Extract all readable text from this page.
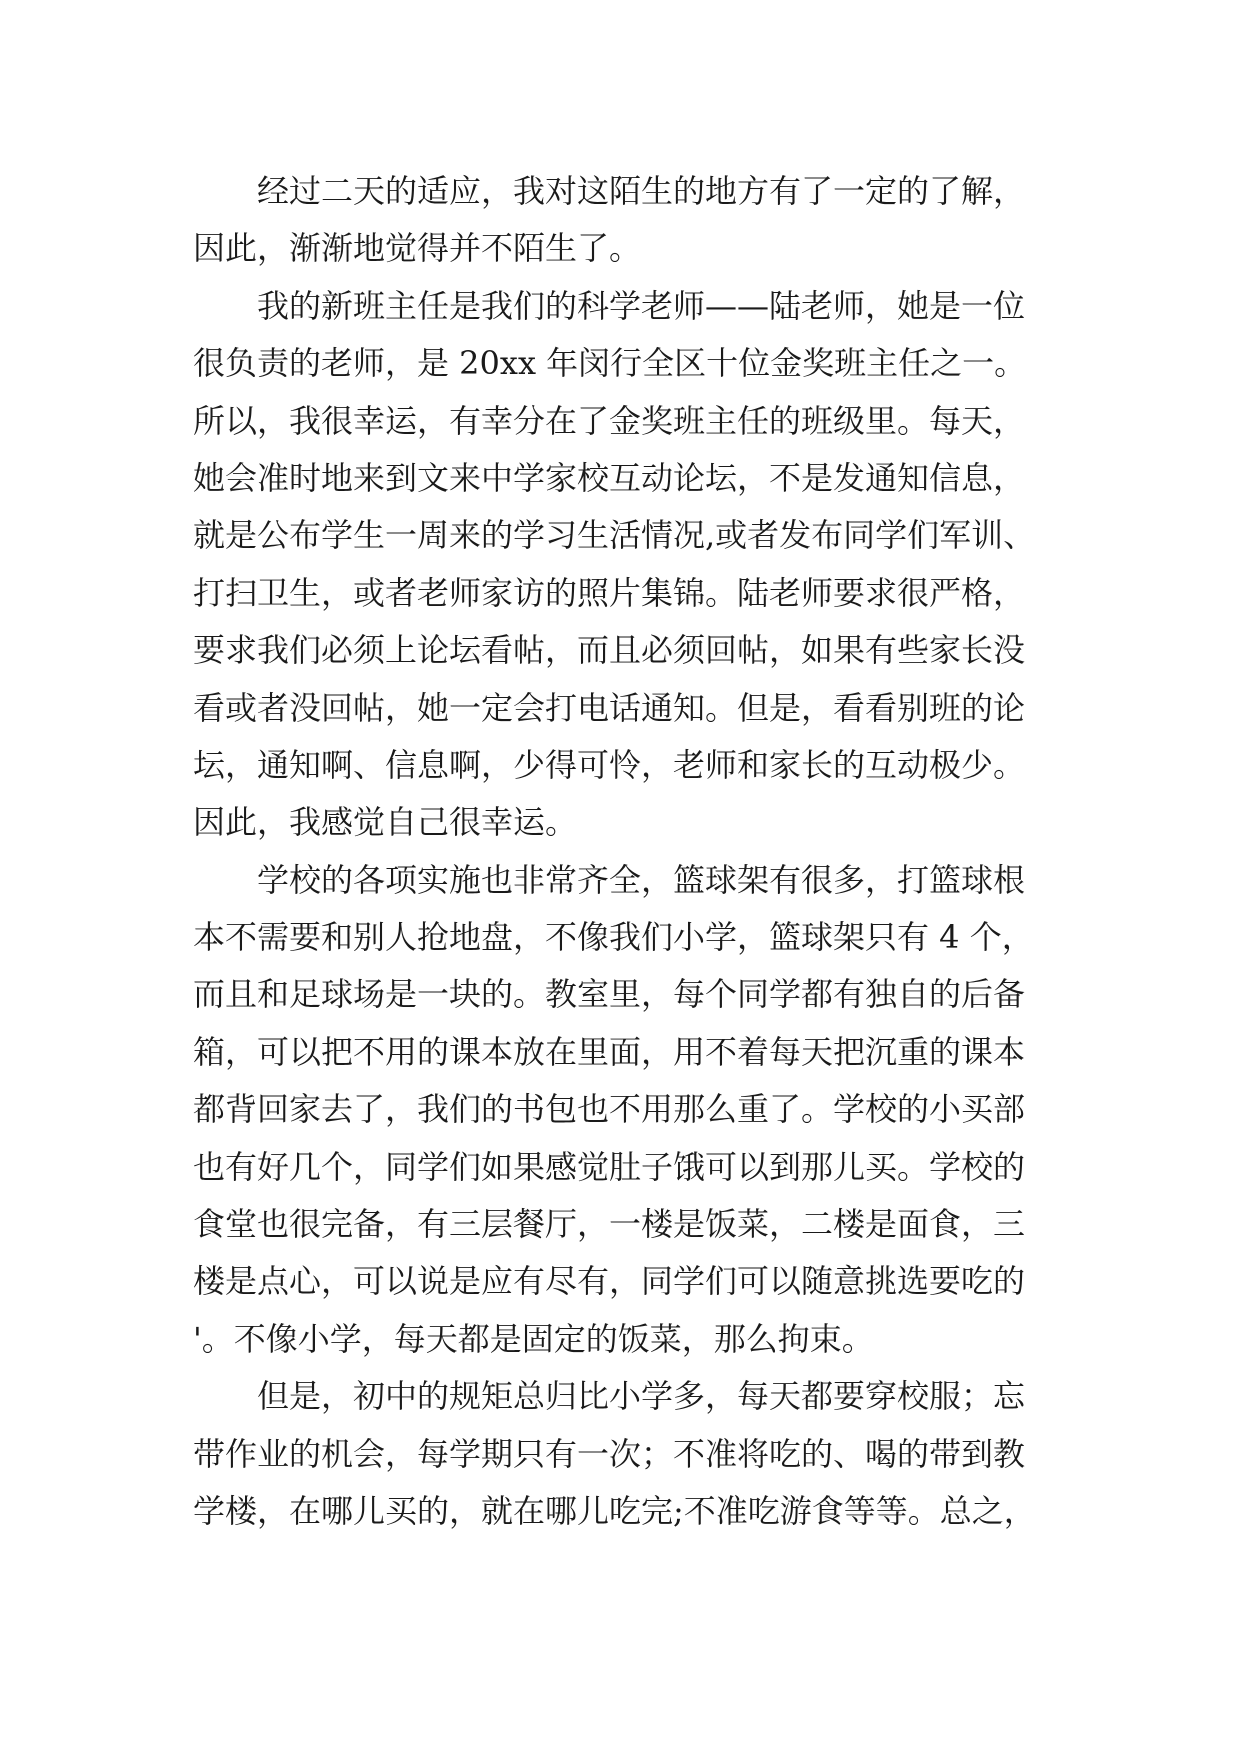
经过二天的适应，我对这陌生的地方有了一定的了解，
因此，渐渐地觉得并不陌生了。
我的新班主任是我们的科学老师——陆老师，她是一位
很负责的老师，是 20xx 年闵行全区十位金奖班主任之一。
所以，我很幸运，有幸分在了金奖班主任的班级里。每天，
她会准时地来到文来中学家校互动论坛，不是发通知信息，
就是公布学生一周来的学习生活情况,或者发布同学们军训、
打扫卫生，或者老师家访的照片集锦。陆老师要求很严格，
要求我们必须上论坛看帖，而且必须回帖，如果有些家长没
看或者没回帖，她一定会打电话通知。但是，看看别班的论
坛，通知啊、信息啊，少得可怜，老师和家长的互动极少。
因此，我感觉自己很幸运。
学校的各项实施也非常齐全，篮球架有很多，打篮球根
本不需要和别人抢地盘，不像我们小学，篮球架只有 4 个，
而且和足球场是一块的。教室里，每个同学都有独自的后备
箱，可以把不用的课本放在里面，用不着每天把沉重的课本
都背回家去了，我们的书包也不用那么重了。学校的小买部
也有好几个，同学们如果感觉肚子饿可以到那儿买。学校的
食堂也很完备，有三层餐厅，一楼是饭菜，二楼是面食，三
楼是点心，可以说是应有尽有，同学们可以随意挑选要吃的
'。不像小学，每天都是固定的饭菜，那么拘束。
但是，初中的规矩总归比小学多，每天都要穿校服；忘
带作业的机会，每学期只有一次；不准将吃的、喝的带到教
学楼，在哪儿买的，就在哪儿吃完;不准吃游食等等。总之，
